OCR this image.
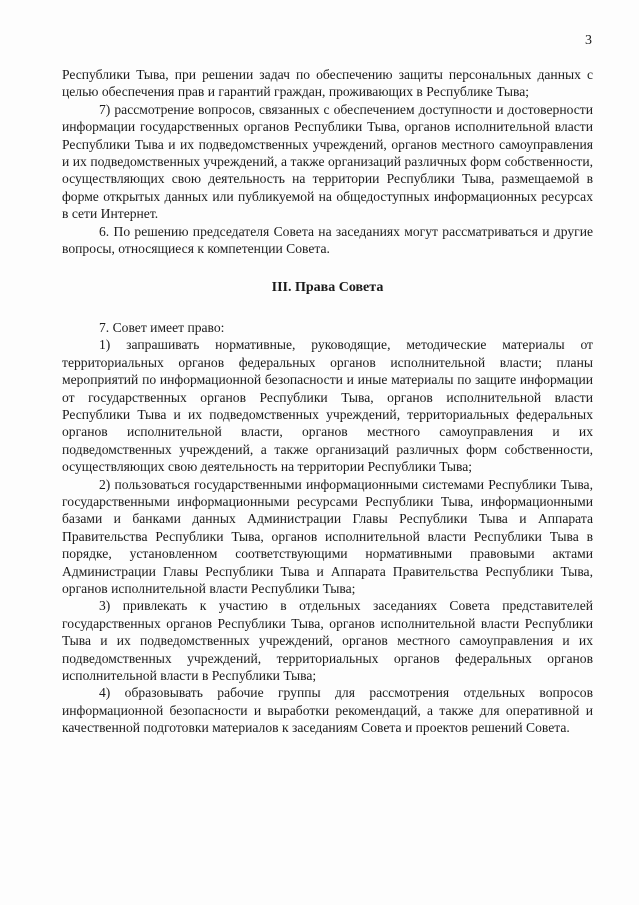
3

Республики Тыва, при решении задач по обеспечению защиты персональных данных с целью обеспечения прав и гарантий граждан, проживающих в Республике Тыва;

7) рассмотрение вопросов, связанных с обеспечением доступности и достоверности информации государственных органов Республики Тыва, органов исполнительной власти Республики Тыва и их подведомственных учреждений, органов местного самоуправления и их подведомственных учреждений, а также организаций различных форм собственности, осуществляющих свою деятельность на территории Республики Тыва, размещаемой в форме открытых данных или публикуемой на общедоступных информационных ресурсах в сети Интернет.

6. По решению председателя Совета на заседаниях могут рассматриваться и другие вопросы, относящиеся к компетенции Совета.

III. Права Совета

7. Совет имеет право:

1) запрашивать нормативные, руководящие, методические материалы от территориальных органов федеральных органов исполнительной власти; планы мероприятий по информационной безопасности и иные материалы по защите информации от государственных органов Республики Тыва, органов исполнительной власти Республики Тыва и их подведомственных учреждений, территориальных федеральных органов исполнительной власти, органов местного самоуправления и их подведомственных учреждений, а также организаций различных форм собственности, осуществляющих свою деятельность на территории Республики Тыва;

2) пользоваться государственными информационными системами Республики Тыва, государственными информационными ресурсами Республики Тыва, информационными базами и банками данных Администрации Главы Республики Тыва и Аппарата Правительства Республики Тыва, органов исполнительной власти Республики Тыва в порядке, установленном соответствующими нормативными правовыми актами Администрации Главы Республики Тыва и Аппарата Правительства Республики Тыва, органов исполнительной власти Республики Тыва;

3) привлекать к участию в отдельных заседаниях Совета представителей государственных органов Республики Тыва, органов исполнительной власти Республики Тыва и их подведомственных учреждений, органов местного самоуправления и их подведомственных учреждений, территориальных органов федеральных органов исполнительной власти в Республики Тыва;

4) образовывать рабочие группы для рассмотрения отдельных вопросов информационной безопасности и выработки рекомендаций, а также для оперативной и качественной подготовки материалов к заседаниям Совета и проектов решений Совета.
